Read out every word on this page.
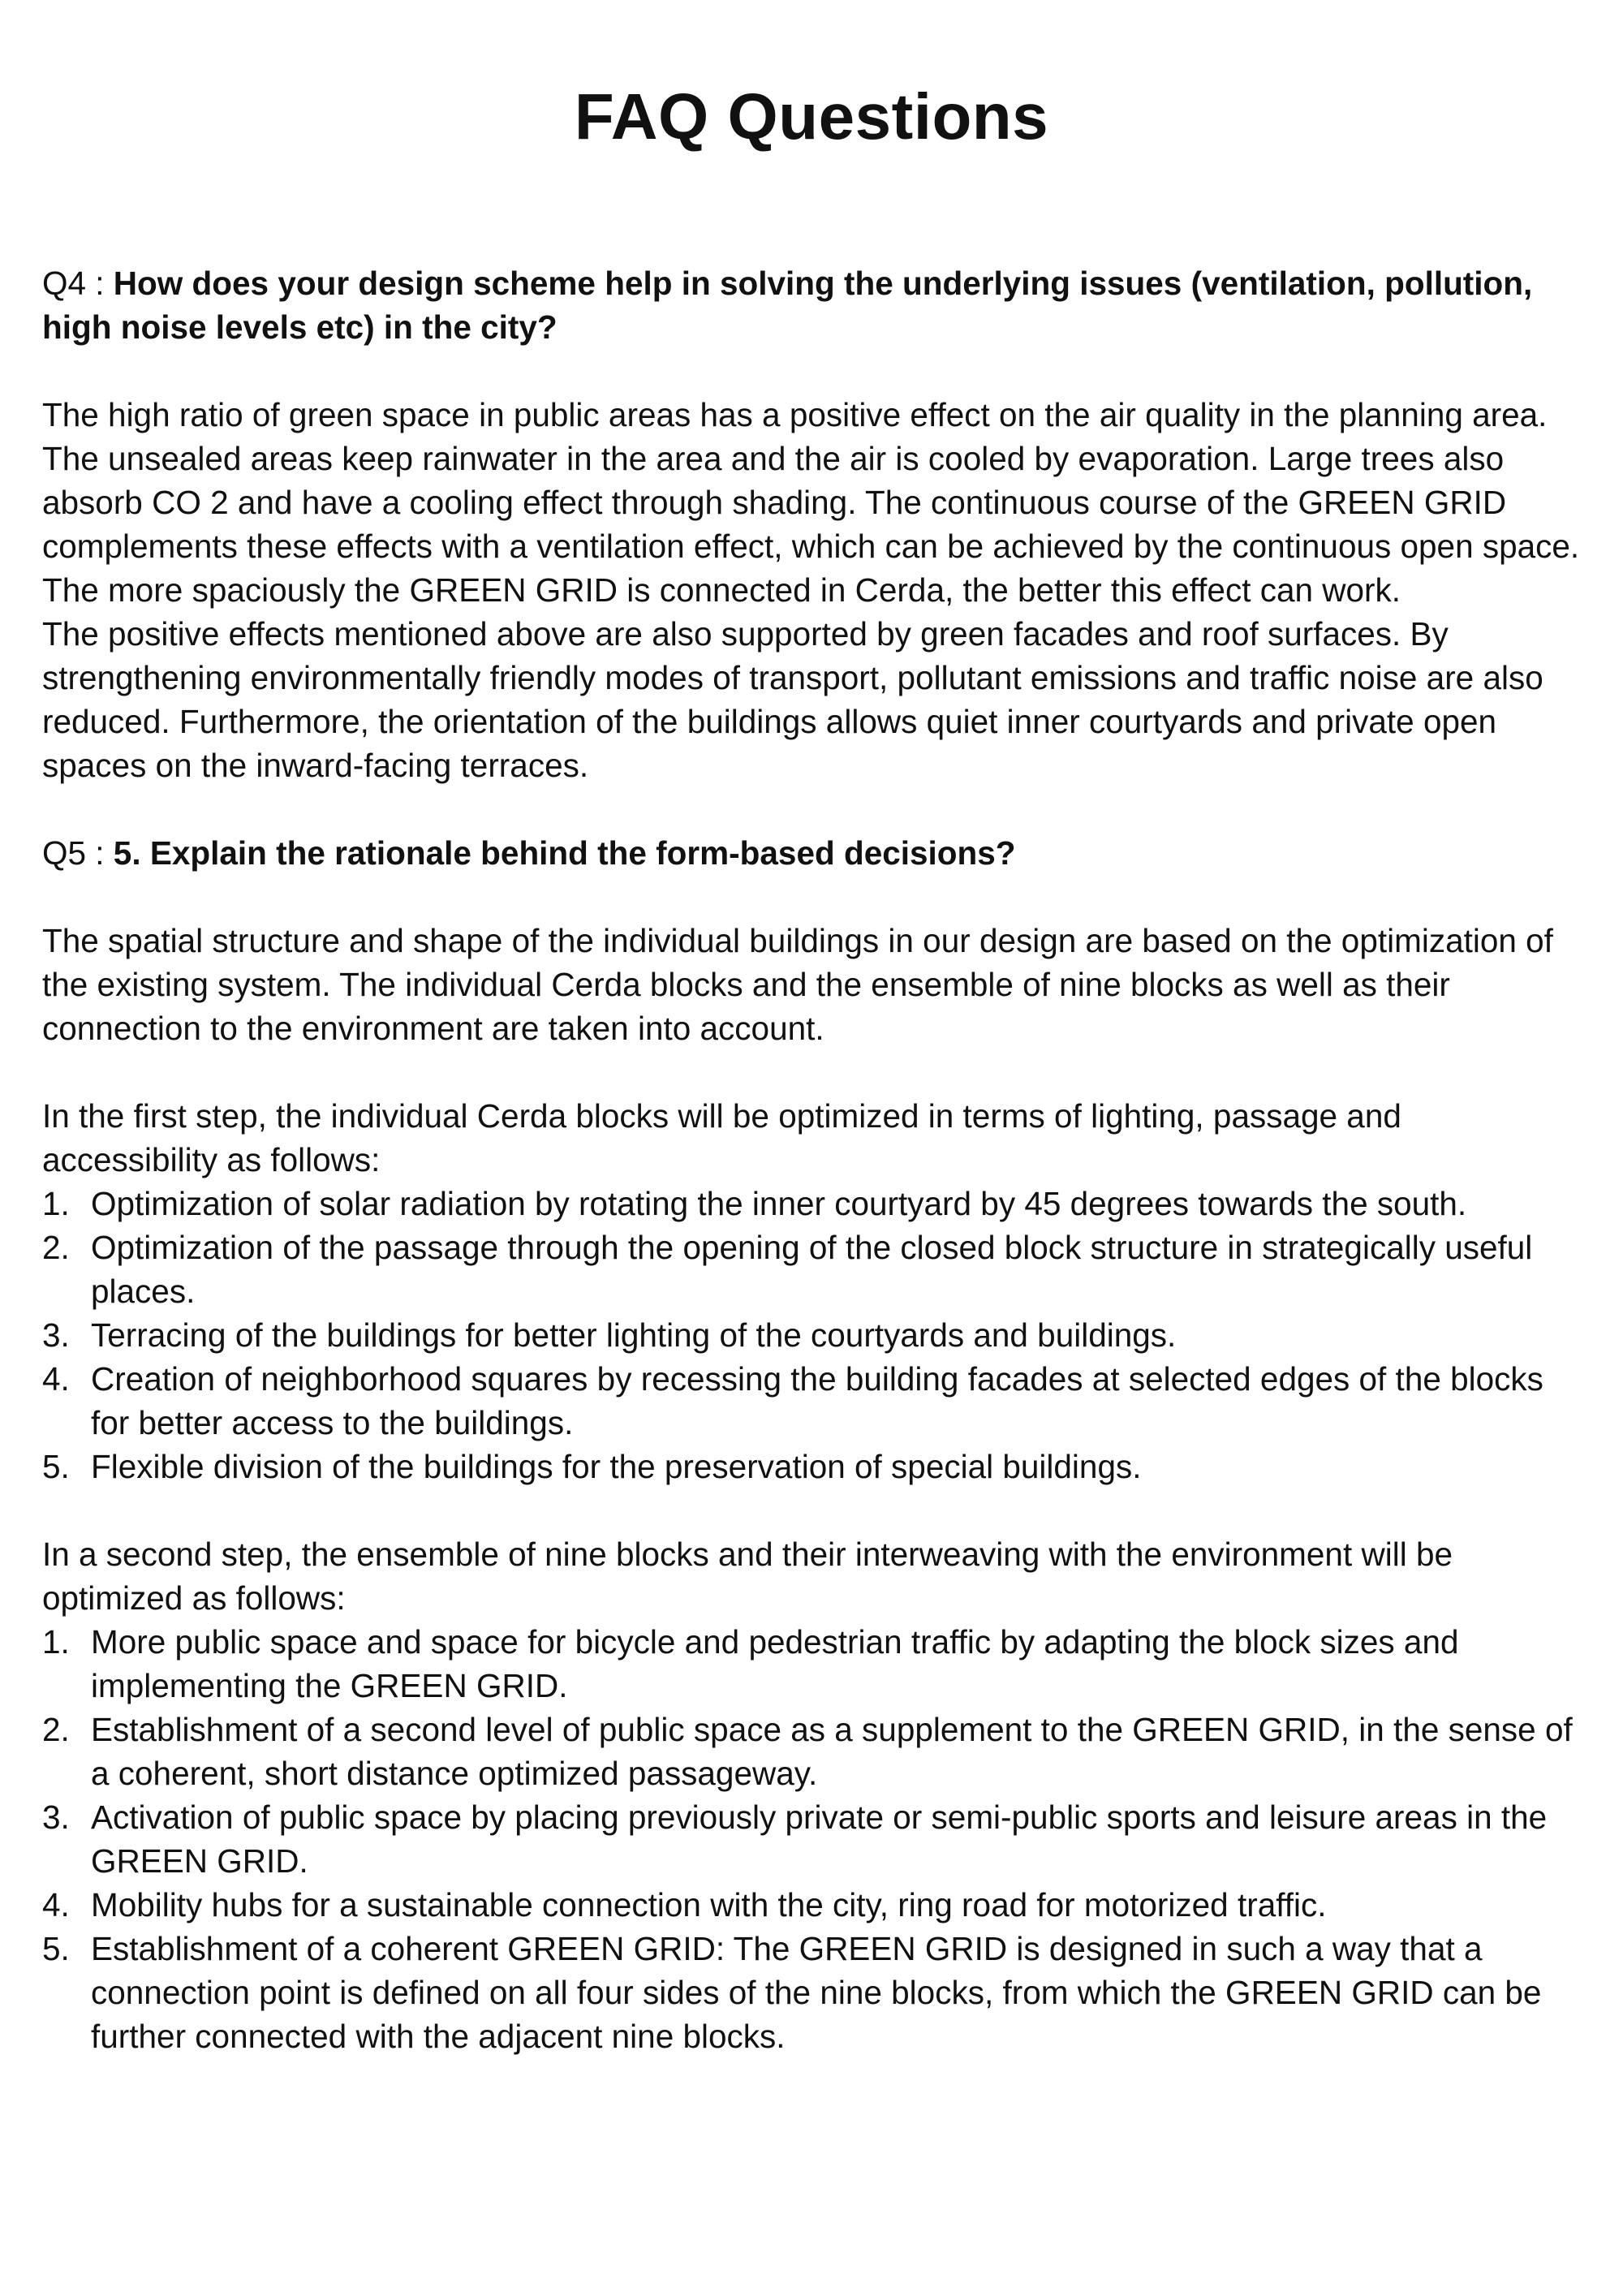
FAQ Questions
Q4 : How does your design scheme help in solving the underlying issues (ventilation, pollution, high noise levels etc) in the city?

The high ratio of green space in public areas has a positive effect on the air quality in the planning area. The unsealed areas keep rainwater in the area and the air is cooled by evaporation. Large trees also absorb CO 2 and have a cooling effect through shading. The continuous course of the GREEN GRID complements these effects with a ventilation effect, which can be achieved by the continuous open space. The more spaciously the GREEN GRID is connected in Cerda, the better this effect can work.

The positive effects mentioned above are also supported by green facades and roof surfaces. By strengthening environmentally friendly modes of transport, pollutant emissions and traffic noise are also reduced. Furthermore, the orientation of the buildings allows quiet inner courtyards and private open spaces on the inward-facing terraces.

Q5 : 5. Explain the rationale behind the form-based decisions?

The spatial structure and shape of the individual buildings in our design are based on the optimization of the existing system. The individual Cerda blocks and the ensemble of nine blocks as well as their connection to the environment are taken into account.

In the first step, the individual Cerda blocks will be optimized in terms of lighting, passage and accessibility as follows:

1. Optimization of solar radiation by rotating the inner courtyard by 45 degrees towards the south.
2. Optimization of the passage through the opening of the closed block structure in strategically useful places.
3. Terracing of the buildings for better lighting of the courtyards and buildings.
4. Creation of neighborhood squares by recessing the building facades at selected edges of the blocks for better access to the buildings.
5. Flexible division of the buildings for the preservation of special buildings.

In a second step, the ensemble of nine blocks and their interweaving with the environment will be optimized as follows:

1. More public space and space for bicycle and pedestrian traffic by adapting the block sizes and implementing the GREEN GRID.
2. Establishment of a second level of public space as a supplement to the GREEN GRID, in the sense of a coherent, short distance optimized passageway.
3. Activation of public space by placing previously private or semi-public sports and leisure areas in the GREEN GRID.
4. Mobility hubs for a sustainable connection with the city, ring road for motorized traffic.
5. Establishment of a coherent GREEN GRID: The GREEN GRID is designed in such a way that a connection point is defined on all four sides of the nine blocks, from which the GREEN GRID can be further connected with the adjacent nine blocks.
